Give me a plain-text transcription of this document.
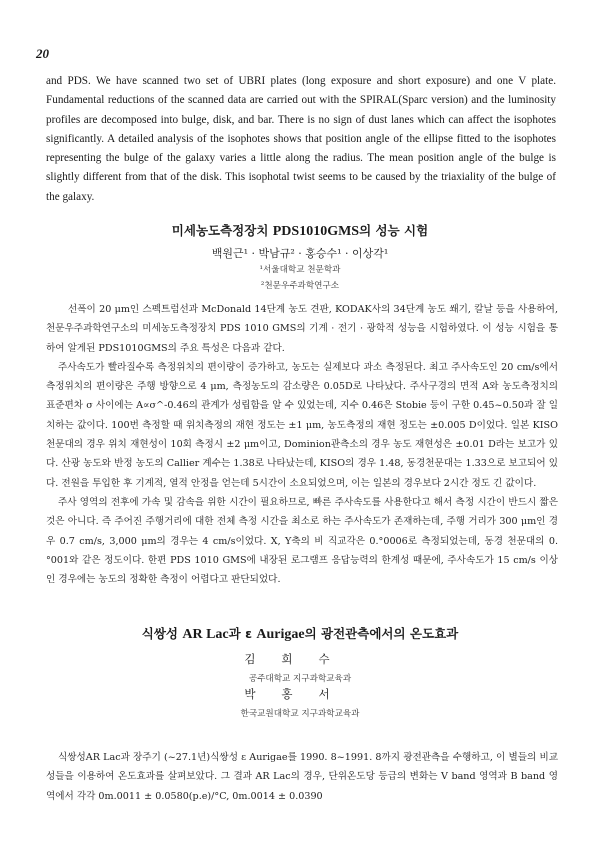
20
and PDS. We have scanned two set of UBRI plates (long exposure and short exposure) and one V plate. Fundamental reductions of the scanned data are carried out with the SPIRAL(Sparc version) and the luminosity profiles are decomposed into bulge, disk, and bar. There is no sign of dust lanes which can affect the isophotes significantly. A detailed analysis of the isophotes shows that position angle of the ellipse fitted to the isophotes representing the bulge of the galaxy varies a little along the radius. The mean position angle of the bulge is slightly different from that of the disk. This isophotal twist seems to be caused by the triaxiality of the bulge of the galaxy.
미세농도측정장치 PDS1010GMS의 성능 시험
백원근¹ · 박남규² · 홍승수¹ · 이상각¹
¹서울대학교 천문학과
²천문우주과학연구소

선폭이 20 μm인 스펙트럼선과 McDonald 14단계 농도 견판, KODAK사의 34단계 농도 쐐기, 칼날 등을 사용하여, 천문우주과학연구소의 미세농도측정장치 PDS 1010 GMS의 기계 · 전기 · 광학적 성능을 시험하였다. 이 성능 시험을 통하여 알게된 PDS1010GMS의 주요 특성은 다음과 같다.

주사속도가 빨라질수록 측정위치의 편이량이 증가하고, 농도는 실제보다 과소 측정된다. 최고 주사속도인 20 cm/s에서 측정위치의 편이량은 주행 방향으로 4 μm, 측정농도의 감소량은 0.05D로 나타났다. 주사구경의 면적 A와 농도측정치의 표준편차 σ 사이에는 A∝σ^-0.46의 관계가 성립함을 알 수 있었는데, 지수 0.46은 Stobie 등이 구한 0.45~0.50과 잘 일치하는 값이다. 100번 측정할 때 위치측정의 재현 정도는 ±1 μm, 농도측정의 재현 정도는 ±0.005 D이었다. 일본 KISO천문대의 경우 위치 재현성이 10회 측정시 ±2 μm이고, Dominion관측소의 경우 농도 재현성은 ±0.01 D라는 보고가 있다. 산광 농도와 반정 농도의 Callier 계수는 1.38로 나타났는데, KISO의 경우 1.48, 동경천문대는 1.33으로 보고되어 있다. 전원을 투입한 후 기계적, 열적 안정을 얻는데 5시간이 소요되었으며, 이는 일본의 경우보다 2시간 정도 긴 값이다.

주사 영역의 전후에 가속 및 감속을 위한 시간이 필요하므로, 빠른 주사속도를 사용한다고 해서 측정 시간이 반드시 짧은 것은 아니다. 즉 주어진 주행거리에 대한 전체 측정 시간을 최소로 하는 주사속도가 존재하는데, 주행 거리가 300 μm인 경우 0.7 cm/s, 3,000 μm의 경우는 4 cm/s이었다. X, Y축의 비 직교각은 0.°0006로 측정되었는데, 동경 천문대의 0.°001와 같은 정도이다. 한편 PDS 1010 GMS에 내장된 로그램프 응답능력의 한계성 때문에, 주사속도가 15 cm/s 이상인 경우에는 농도의 정확한 측정이 어렵다고 판단되었다.

식쌍성 AR Lac과 ε Aurigae의 광전관측에서의 온도효과
김희수
공주대학교 지구과학교육과
박홍서
한국교원대학교 지구과학교육과

식쌍성AR Lac과 장주기 (~27.1년)식쌍성 ε Aurigae를 1990. 8~1991. 8까지 광전관측을 수행하고, 이 별들의 비교성들을 이용하여 온도효과를 살펴보았다. 그 결과 AR Lac의 경우, 단위온도당 등급의 변화는 V band 영역과 B band 영역에서 각각 0m.0011 ± 0.0580(p.e)/°C, 0m.0014 ± 0.0390
